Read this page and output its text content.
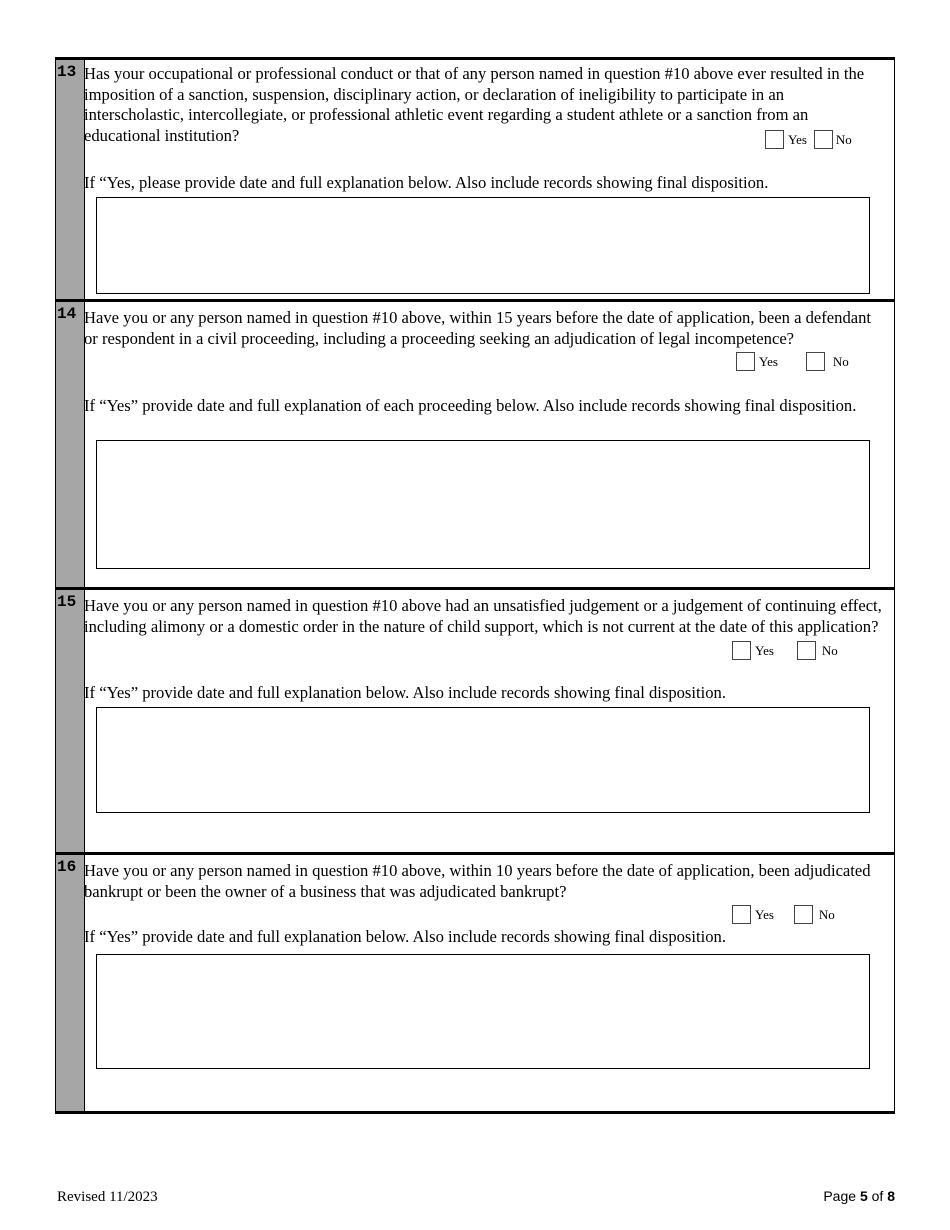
13 Has your occupational or professional conduct or that of any person named in question #10 above ever resulted in the imposition of a sanction, suspension, disciplinary action, or declaration of ineligibility to participate in an interscholastic, intercollegiate, or professional athletic event regarding a student athlete or a sanction from an educational institution?	Yes No
If “Yes, please provide date and full explanation below. Also include records showing final disposition.
14 Have you or any person named in question #10 above, within 15 years before the date of application, been a defendant or respondent in a civil proceeding, including a proceeding seeking an adjudication of legal incompetence?
Yes	No
If “Yes” provide date and full explanation of each proceeding below. Also include records showing final disposition.
15 Have you or any person named in question #10 above had an unsatisfied judgement or a judgement of continuing effect, including alimony or a domestic order in the nature of child support, which is not current at the date of this application?
Yes	No
If “Yes” provide date and full explanation below. Also include records showing final disposition.
16 Have you or any person named in question #10 above, within 10 years before the date of application, been adjudicated bankrupt or been the owner of a business that was adjudicated bankrupt?
Yes	No
If “Yes” provide date and full explanation below. Also include records showing final disposition.
Revised 11/2023	Page 5 of 8
